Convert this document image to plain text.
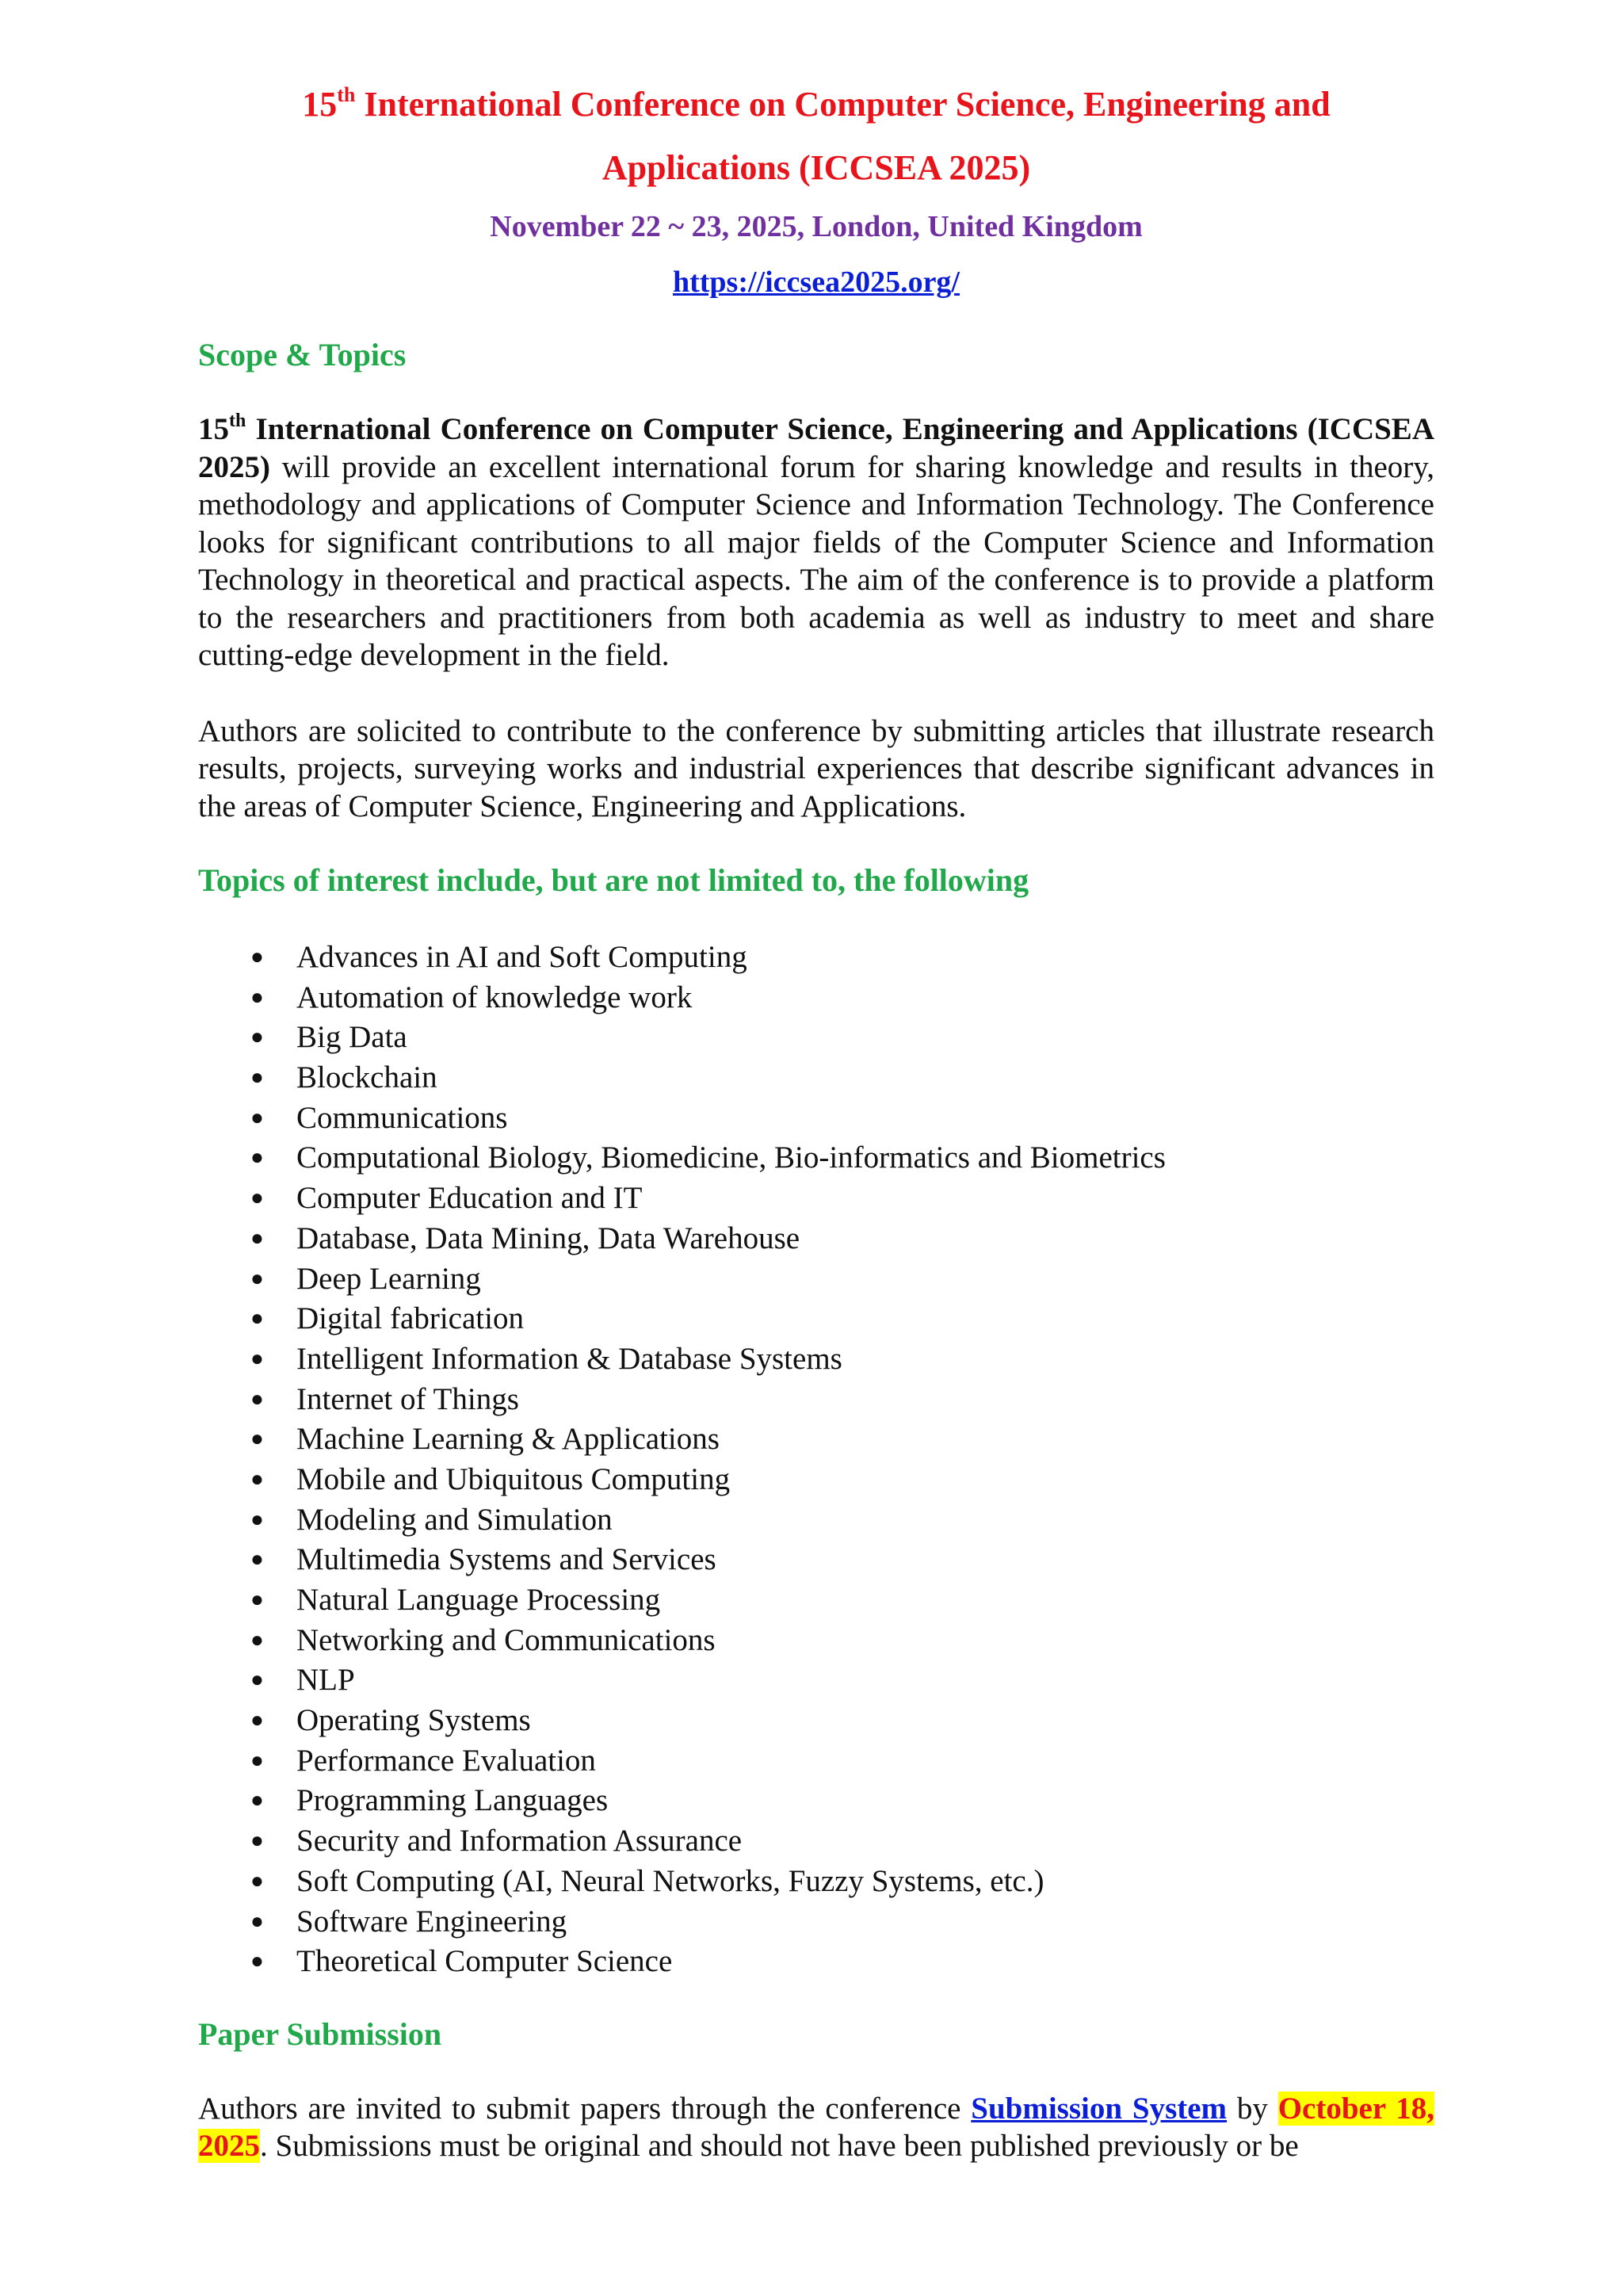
15th International Conference on Computer Science, Engineering and

Applications (ICCSEA 2025)

November 22 ~ 23, 2025, London, United Kingdom
https://iccsea2025.org/
Scope & Topics

15th International Conference on Computer Science, Engineering and Applications (ICCSEA 2025) will provide an excellent international forum for sharing knowledge and results in theory, methodology and applications of Computer Science and Information Technology. The Conference looks for significant contributions to all major fields of the Computer Science and Information Technology in theoretical and practical aspects. The aim of the conference is to provide a platform to the researchers and practitioners from both academia as well as industry to meet and share cutting-edge development in the field.

Authors are solicited to contribute to the conference by submitting articles that illustrate research results, projects, surveying works and industrial experiences that describe significant advances in the areas of Computer Science, Engineering and Applications.

Topics of interest include, but are not limited to, the following
● Advances in AI and Soft Computing
● Automation of knowledge work
● Big Data
● Blockchain
● Communications
● Computational Biology, Biomedicine, Bio-informatics and Biometrics
● Computer Education and IT
● Database, Data Mining, Data Warehouse
● Deep Learning
● Digital fabrication
● Intelligent Information & Database Systems
● Internet of Things
● Machine Learning & Applications
● Mobile and Ubiquitous Computing
● Modeling and Simulation
● Multimedia Systems and Services
● Natural Language Processing
● Networking and Communications
● NLP
● Operating Systems
● Performance Evaluation
● Programming Languages
● Security and Information Assurance
● Soft Computing (AI, Neural Networks, Fuzzy Systems, etc.)
● Software Engineering
● Theoretical Computer Science
Paper Submission

Authors are invited to submit papers through the conference Submission System by October 18, 2025. Submissions must be original and should not have been published previously or be
